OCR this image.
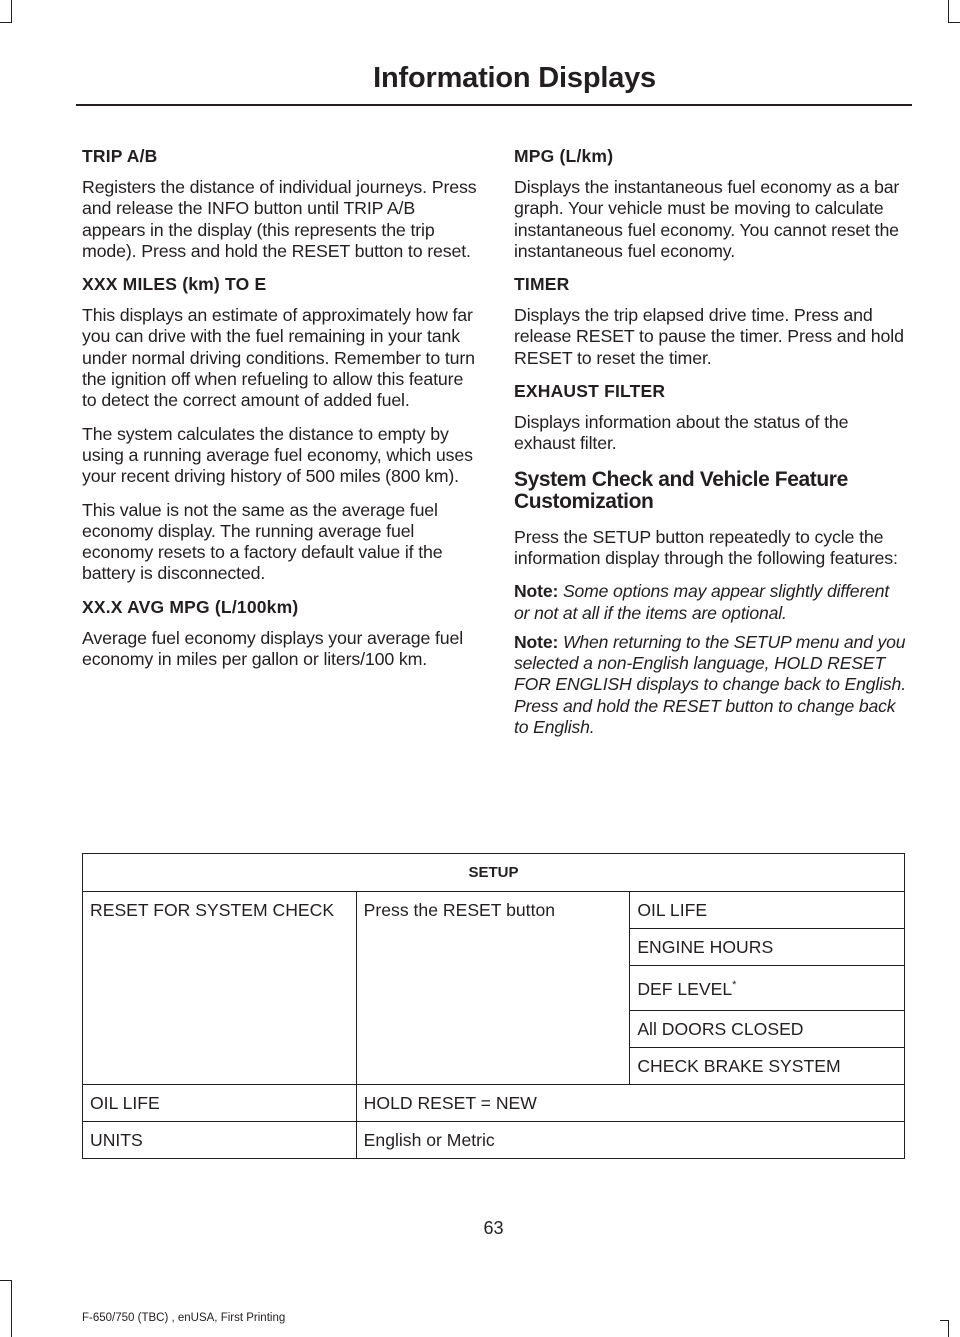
Information Displays
TRIP A/B

Registers the distance of individual journeys. Press and release the INFO button until TRIP A/B appears in the display (this represents the trip mode). Press and hold the RESET button to reset.

XXX MILES (km) TO E

This displays an estimate of approximately how far you can drive with the fuel remaining in your tank under normal driving conditions. Remember to turn the ignition off when refueling to allow this feature to detect the correct amount of added fuel.

The system calculates the distance to empty by using a running average fuel economy, which uses your recent driving history of 500 miles (800 km).

This value is not the same as the average fuel economy display. The running average fuel economy resets to a factory default value if the battery is disconnected.

XX.X AVG MPG (L/100km)

Average fuel economy displays your average fuel economy in miles per gallon or liters/100 km.

MPG (L/km)

Displays the instantaneous fuel economy as a bar graph. Your vehicle must be moving to calculate instantaneous fuel economy. You cannot reset the instantaneous fuel economy.

TIMER

Displays the trip elapsed drive time. Press and release RESET to pause the timer. Press and hold RESET to reset the timer.

EXHAUST FILTER

Displays information about the status of the exhaust filter.

System Check and Vehicle Feature Customization

Press the SETUP button repeatedly to cycle the information display through the following features:

Note: Some options may appear slightly different or not at all if the items are optional.

Note: When returning to the SETUP menu and you selected a non-English language, HOLD RESET FOR ENGLISH displays to change back to English. Press and hold the RESET button to change back to English.

SETUP		
RESET FOR SYSTEM CHECK	Press the RESET button	OIL LIFE
		ENGINE HOURS
		DEF LEVEL*
		All DOORS CLOSED
		CHECK BRAKE SYSTEM
OIL LIFE	HOLD RESET = NEW	
UNITS	English or Metric	
63
F-650/750 (TBC) , enUSA, First Printing
